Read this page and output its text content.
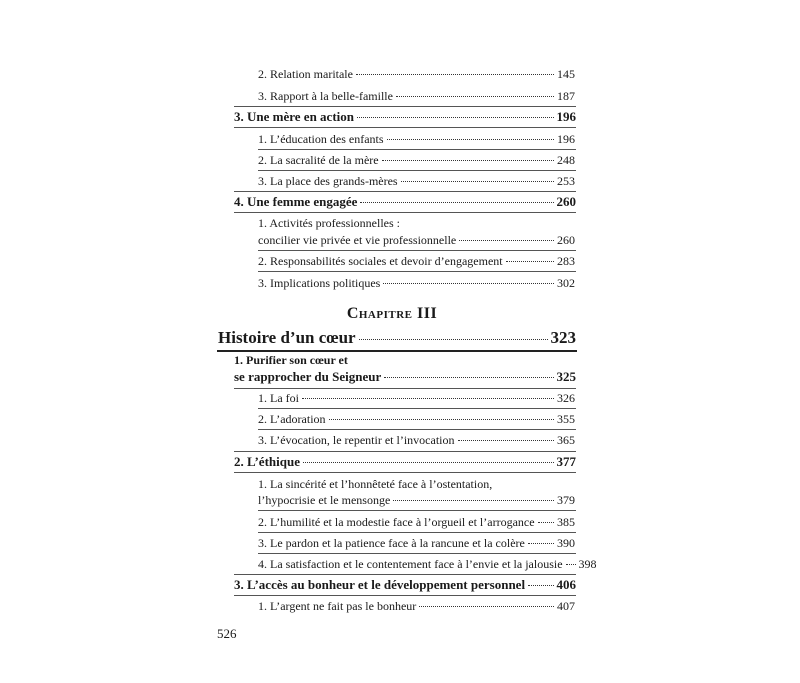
2. Relation maritale	145
3. Rapport à la belle-famille	187
3. Une mère en action	196
1. L’éducation des enfants	196
2. La sacralité de la mère	248
3. La place des grands-mères	253
4. Une femme engagée	260
1. Activités professionnelles :
concilier vie privée et vie professionnelle	260
2. Responsabilités sociales et devoir d’engagement	283
3. Implications politiques	302
Chapitre III
Histoire d’un cœur	323
1. Purifier son cœur et
se rapprocher du Seigneur	325
1. La foi	326
2. L’adoration	355
3. L’évocation, le repentir et l’invocation	365
2. L’éthique	377
1. La sincérité et l’honnêteté face à l’ostentation,
l’hypocrisie et le mensonge	379
2. L’humilité et la modestie face à l’orgueil et l’arrogance 385
3. Le pardon et la patience face à la rancune et la colère	390
4. La satisfaction et le contentement face à l’envie et la jalousie 398
3. L’accès au bonheur et le développement personnel 406
1. L’argent ne fait pas le bonheur	407
526
